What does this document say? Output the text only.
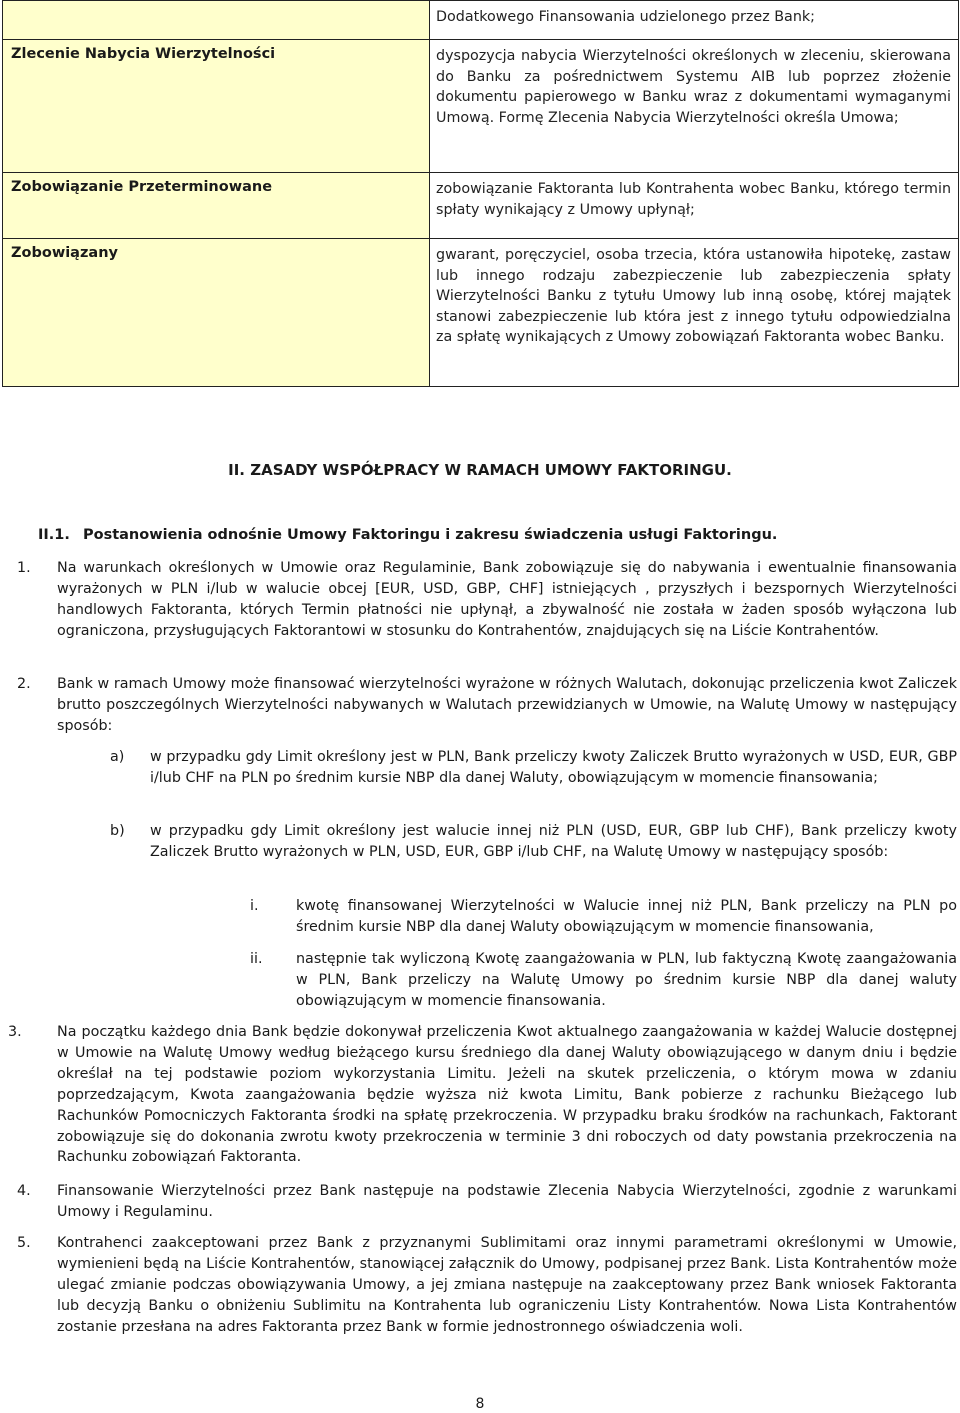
	Dodatkowego Finansowania udzielonego przez Bank;
Zlecenie Nabycia Wierzytelności	dyspozycja nabycia Wierzytelności określonych w zleceniu, skierowana do Banku za pośrednictwem Systemu AIB lub poprzez złożenie dokumentu papierowego w Banku wraz z dokumentami wymaganymi Umową. Formę Zlecenia Nabycia Wierzytelności określa Umowa;
Zobowiązanie Przeterminowane	zobowiązanie Faktoranta lub Kontrahenta wobec Banku, którego termin spłaty wynikający z Umowy upłynął;
Zobowiązany	gwarant, poręczyciel, osoba trzecia, która ustanowiła hipotekę, zastaw lub innego rodzaju zabezpieczenie lub zabezpieczenia spłaty Wierzytelności Banku z tytułu Umowy lub inną osobę, której majątek stanowi zabezpieczenie lub która jest z innego tytułu odpowiedzialna za spłatę wynikających z Umowy zobowiązań Faktoranta wobec Banku.
II. ZASADY WSPÓŁPRACY W RAMACH UMOWY FAKTORINGU.
II.1. Postanowienia odnośnie Umowy Faktoringu i zakresu świadczenia usługi Faktoringu.
1. Na warunkach określonych w Umowie oraz Regulaminie, Bank zobowiązuje się do nabywania i ewentualnie finansowania wyrażonych w PLN i/lub w walucie obcej [EUR, USD, GBP, CHF] istniejących , przyszłych i bezspornych Wierzytelności handlowych Faktoranta, których Termin płatności nie upłynął, a zbywalność nie została w żaden sposób wyłączona lub ograniczona, przysługujących Faktorantowi w stosunku do Kontrahentów, znajdujących się na Liście Kontrahentów.
2. Bank w ramach Umowy może finansować wierzytelności wyrażone w różnych Walutach, dokonując przeliczenia kwot Zaliczek brutto poszczególnych Wierzytelności nabywanych w Walutach przewidzianych w Umowie, na Walutę Umowy w następujący sposób:
a) w przypadku gdy Limit określony jest w PLN, Bank przeliczy kwoty Zaliczek Brutto wyrażonych w USD, EUR, GBP i/lub CHF na PLN po średnim kursie NBP dla danej Waluty, obowiązującym w momencie finansowania;
b) w przypadku gdy Limit określony jest walucie innej niż PLN (USD, EUR, GBP lub CHF), Bank przeliczy kwoty Zaliczek Brutto wyrażonych w PLN, USD, EUR, GBP i/lub CHF, na Walutę Umowy w następujący sposób:
i.	kwotę finansowanej Wierzytelności w Walucie innej niż PLN, Bank przeliczy na PLN po średnim kursie NBP dla danej Waluty obowiązującym w momencie finansowania,
ii. następnie tak wyliczoną Kwotę zaangażowania w PLN, lub faktyczną Kwotę zaangażowania w PLN, Bank przeliczy na Walutę Umowy po średnim kursie NBP dla danej waluty obowiązującym w momencie finansowania.
3. Na początku każdego dnia Bank będzie dokonywał przeliczenia Kwot aktualnego zaangażowania w każdej Walucie dostępnej w Umowie na Walutę Umowy według bieżącego kursu średniego dla danej Waluty obowiązującego w danym dniu i będzie określał na tej podstawie poziom wykorzystania Limitu. Jeżeli na skutek przeliczenia, o którym mowa w zdaniu poprzedzającym, Kwota zaangażowania będzie wyższa niż kwota Limitu, Bank pobierze z rachunku Bieżącego lub Rachunków Pomocniczych Faktoranta środki na spłatę przekroczenia. W przypadku braku środków na rachunkach, Faktorant zobowiązuje się do dokonania zwrotu kwoty przekroczenia w terminie 3 dni roboczych od daty powstania przekroczenia na Rachunku zobowiązań Faktoranta.
4. Finansowanie Wierzytelności przez Bank następuje na podstawie Zlecenia Nabycia Wierzytelności, zgodnie z warunkami Umowy i Regulaminu.
5. Kontrahenci zaakceptowani przez Bank z przyznanymi Sublimitami oraz innymi parametrami określonymi w Umowie, wymienieni będą na Liście Kontrahentów, stanowiącej załącznik do Umowy, podpisanej przez Bank. Lista Kontrahentów może ulegać zmianie podczas obowiązywania Umowy, a jej zmiana następuje na zaakceptowany przez Bank wniosek Faktoranta lub decyzją Banku o obniżeniu Sublimitu na Kontrahenta lub ograniczeniu Listy Kontrahentów. Nowa Lista Kontrahentów zostanie przesłana na adres Faktoranta przez Bank w formie jednostronnego oświadczenia woli.
8
